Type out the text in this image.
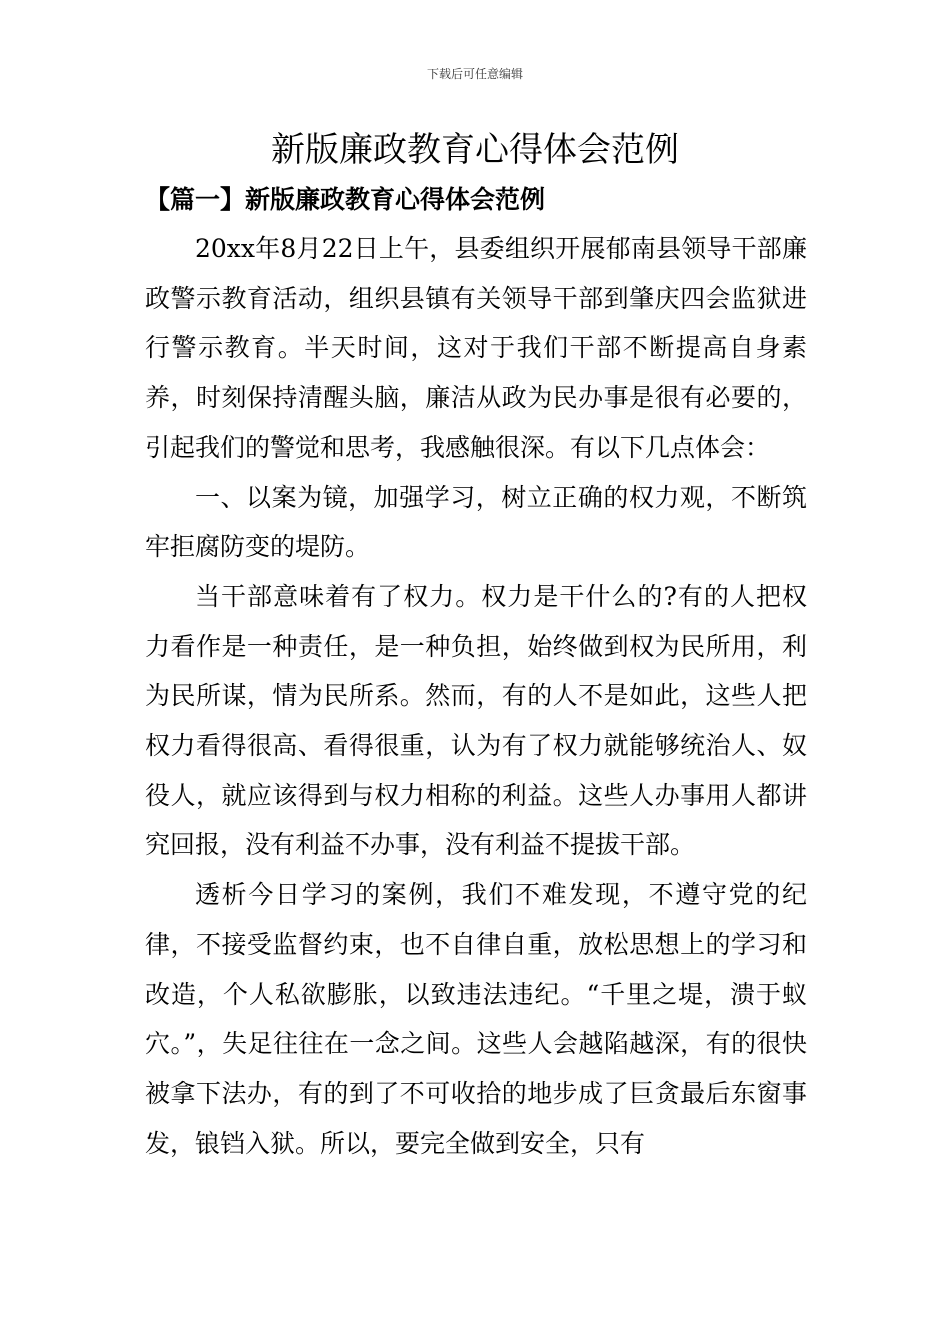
下载后可任意编辑
新版廉政教育心得体会范例
【篇一】新版廉政教育心得体会范例

20xx年8月22日上午，县委组织开展郁南县领导干部廉政警示教育活动，组织县镇有关领导干部到肇庆四会监狱进行警示教育。半天时间，这对于我们干部不断提高自身素养，时刻保持清醒头脑，廉洁从政为民办事是很有必要的，引起我们的警觉和思考，我感触很深。有以下几点体会：

一、以案为镜，加强学习，树立正确的权力观，不断筑牢拒腐防变的堤防。

当干部意味着有了权力。权力是干什么的?有的人把权力看作是一种责任，是一种负担，始终做到权为民所用，利为民所谋，情为民所系。然而，有的人不是如此，这些人把权力看得很高、看得很重，认为有了权力就能够统治人、奴役人，就应该得到与权力相称的利益。这些人办事用人都讲究回报，没有利益不办事，没有利益不提拔干部。

透析今日学习的案例，我们不难发现，不遵守党的纪律，不接受监督约束，也不自律自重，放松思想上的学习和改造，个人私欲膨胀，以致违法违纪。“千里之堤，溃于蚁穴。”，失足往往在一念之间。这些人会越陷越深，有的很快被拿下法办，有的到了不可收拾的地步成了巨贪最后东窗事发，锒铛入狱。所以，要完全做到安全，只有
